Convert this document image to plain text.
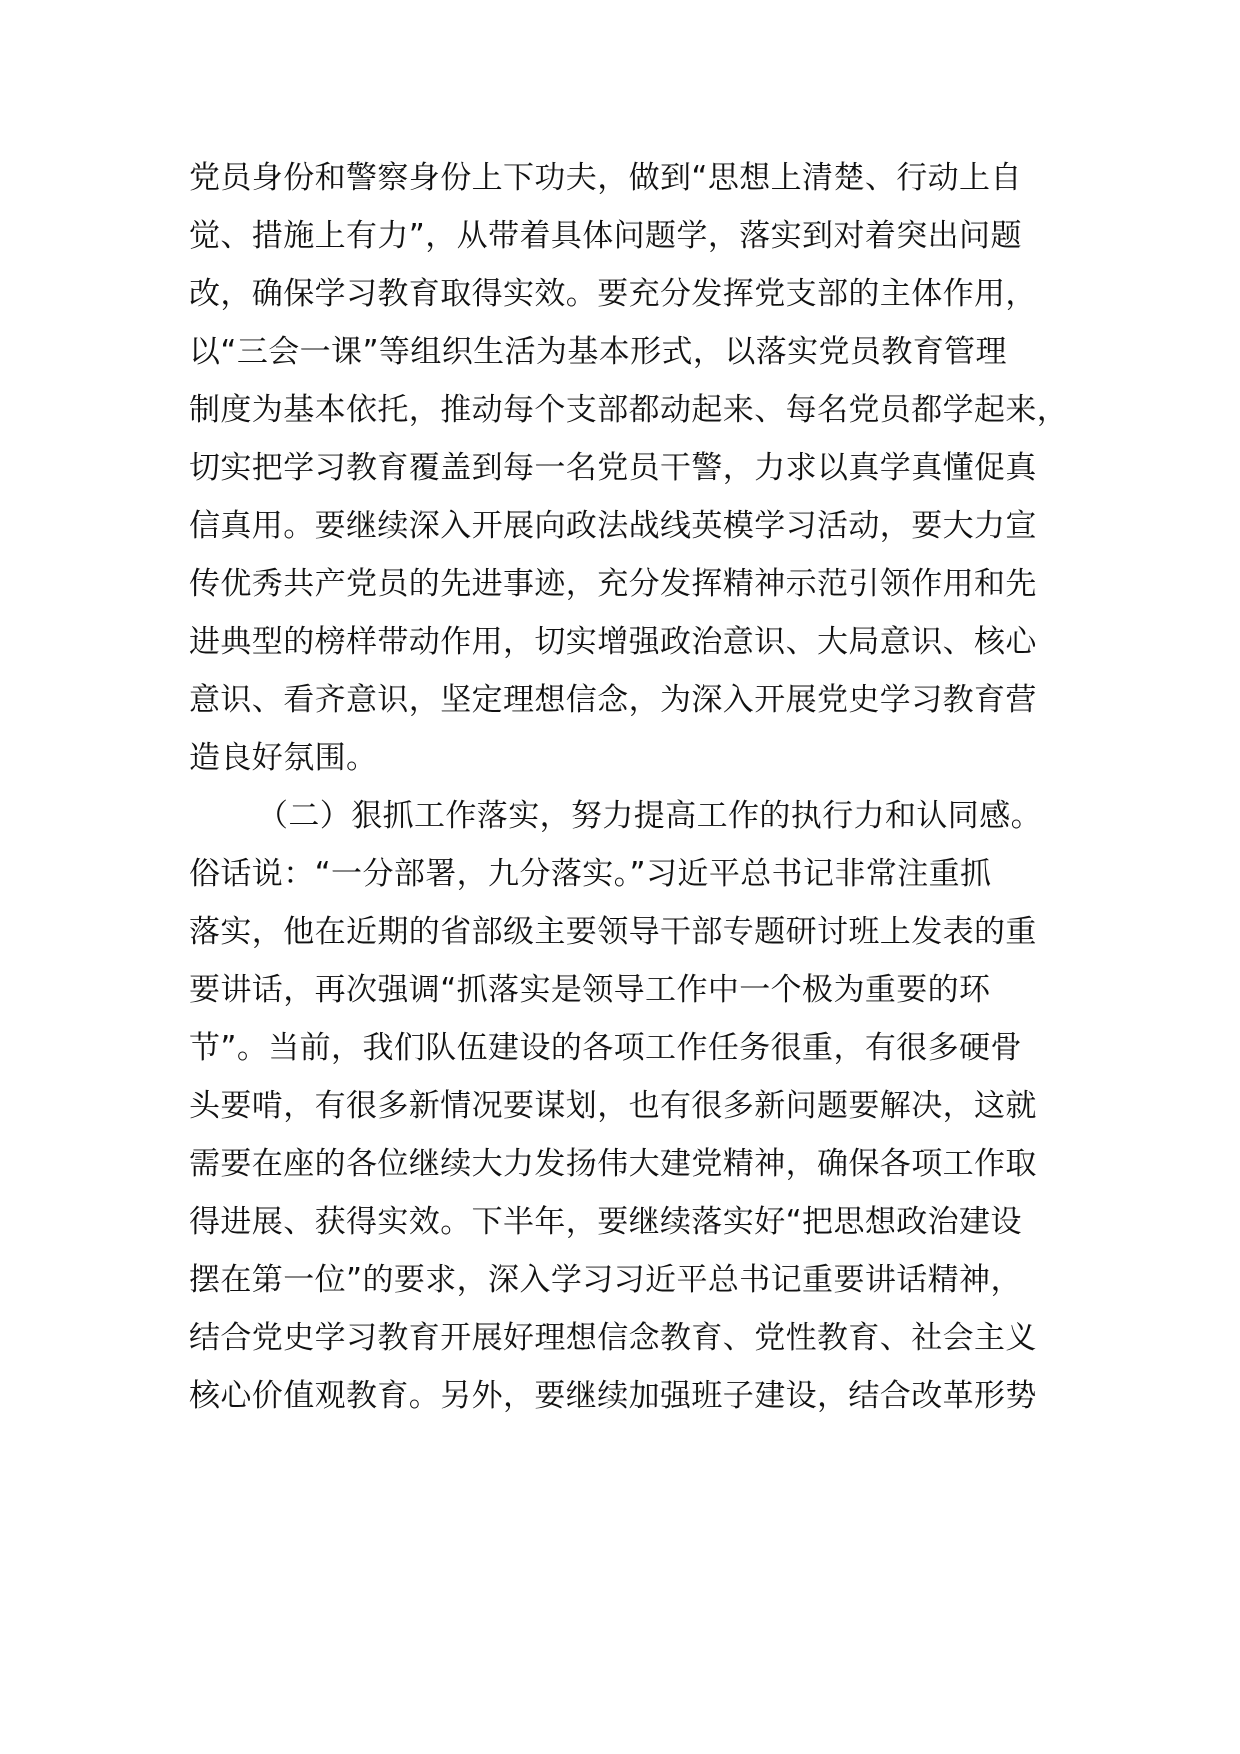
党员身份和警察身份上下功夫，做到“思想上清楚、行动上自

觉、措施上有力”，从带着具体问题学，落实到对着突出问题

改，确保学习教育取得实效。要充分发挥党支部的主体作用，

以“三会一课”等组织生活为基本形式，以落实党员教育管理

制度为基本依托，推动每个支部都动起来、每名党员都学起来，

切实把学习教育覆盖到每一名党员干警，力求以真学真懂促真

信真用。要继续深入开展向政法战线英模学习活动，要大力宣

传优秀共产党员的先进事迹，充分发挥精神示范引领作用和先

进典型的榜样带动作用，切实增强政治意识、大局意识、核心

意识、看齐意识，坚定理想信念，为深入开展党史学习教育营

造良好氛围。

（二）狠抓工作落实，努力提高工作的执行力和认同感。

俗话说：“一分部署，九分落实。”习近平总书记非常注重抓

落实，他在近期的省部级主要领导干部专题研讨班上发表的重

要讲话，再次强调“抓落实是领导工作中一个极为重要的环

节”。当前，我们队伍建设的各项工作任务很重，有很多硬骨

头要啃，有很多新情况要谋划，也有很多新问题要解决，这就

需要在座的各位继续大力发扬伟大建党精神，确保各项工作取

得进展、获得实效。下半年，要继续落实好“把思想政治建设

摆在第一位”的要求，深入学习习近平总书记重要讲话精神，

结合党史学习教育开展好理想信念教育、党性教育、社会主义

核心价值观教育。另外，要继续加强班子建设，结合改革形势
